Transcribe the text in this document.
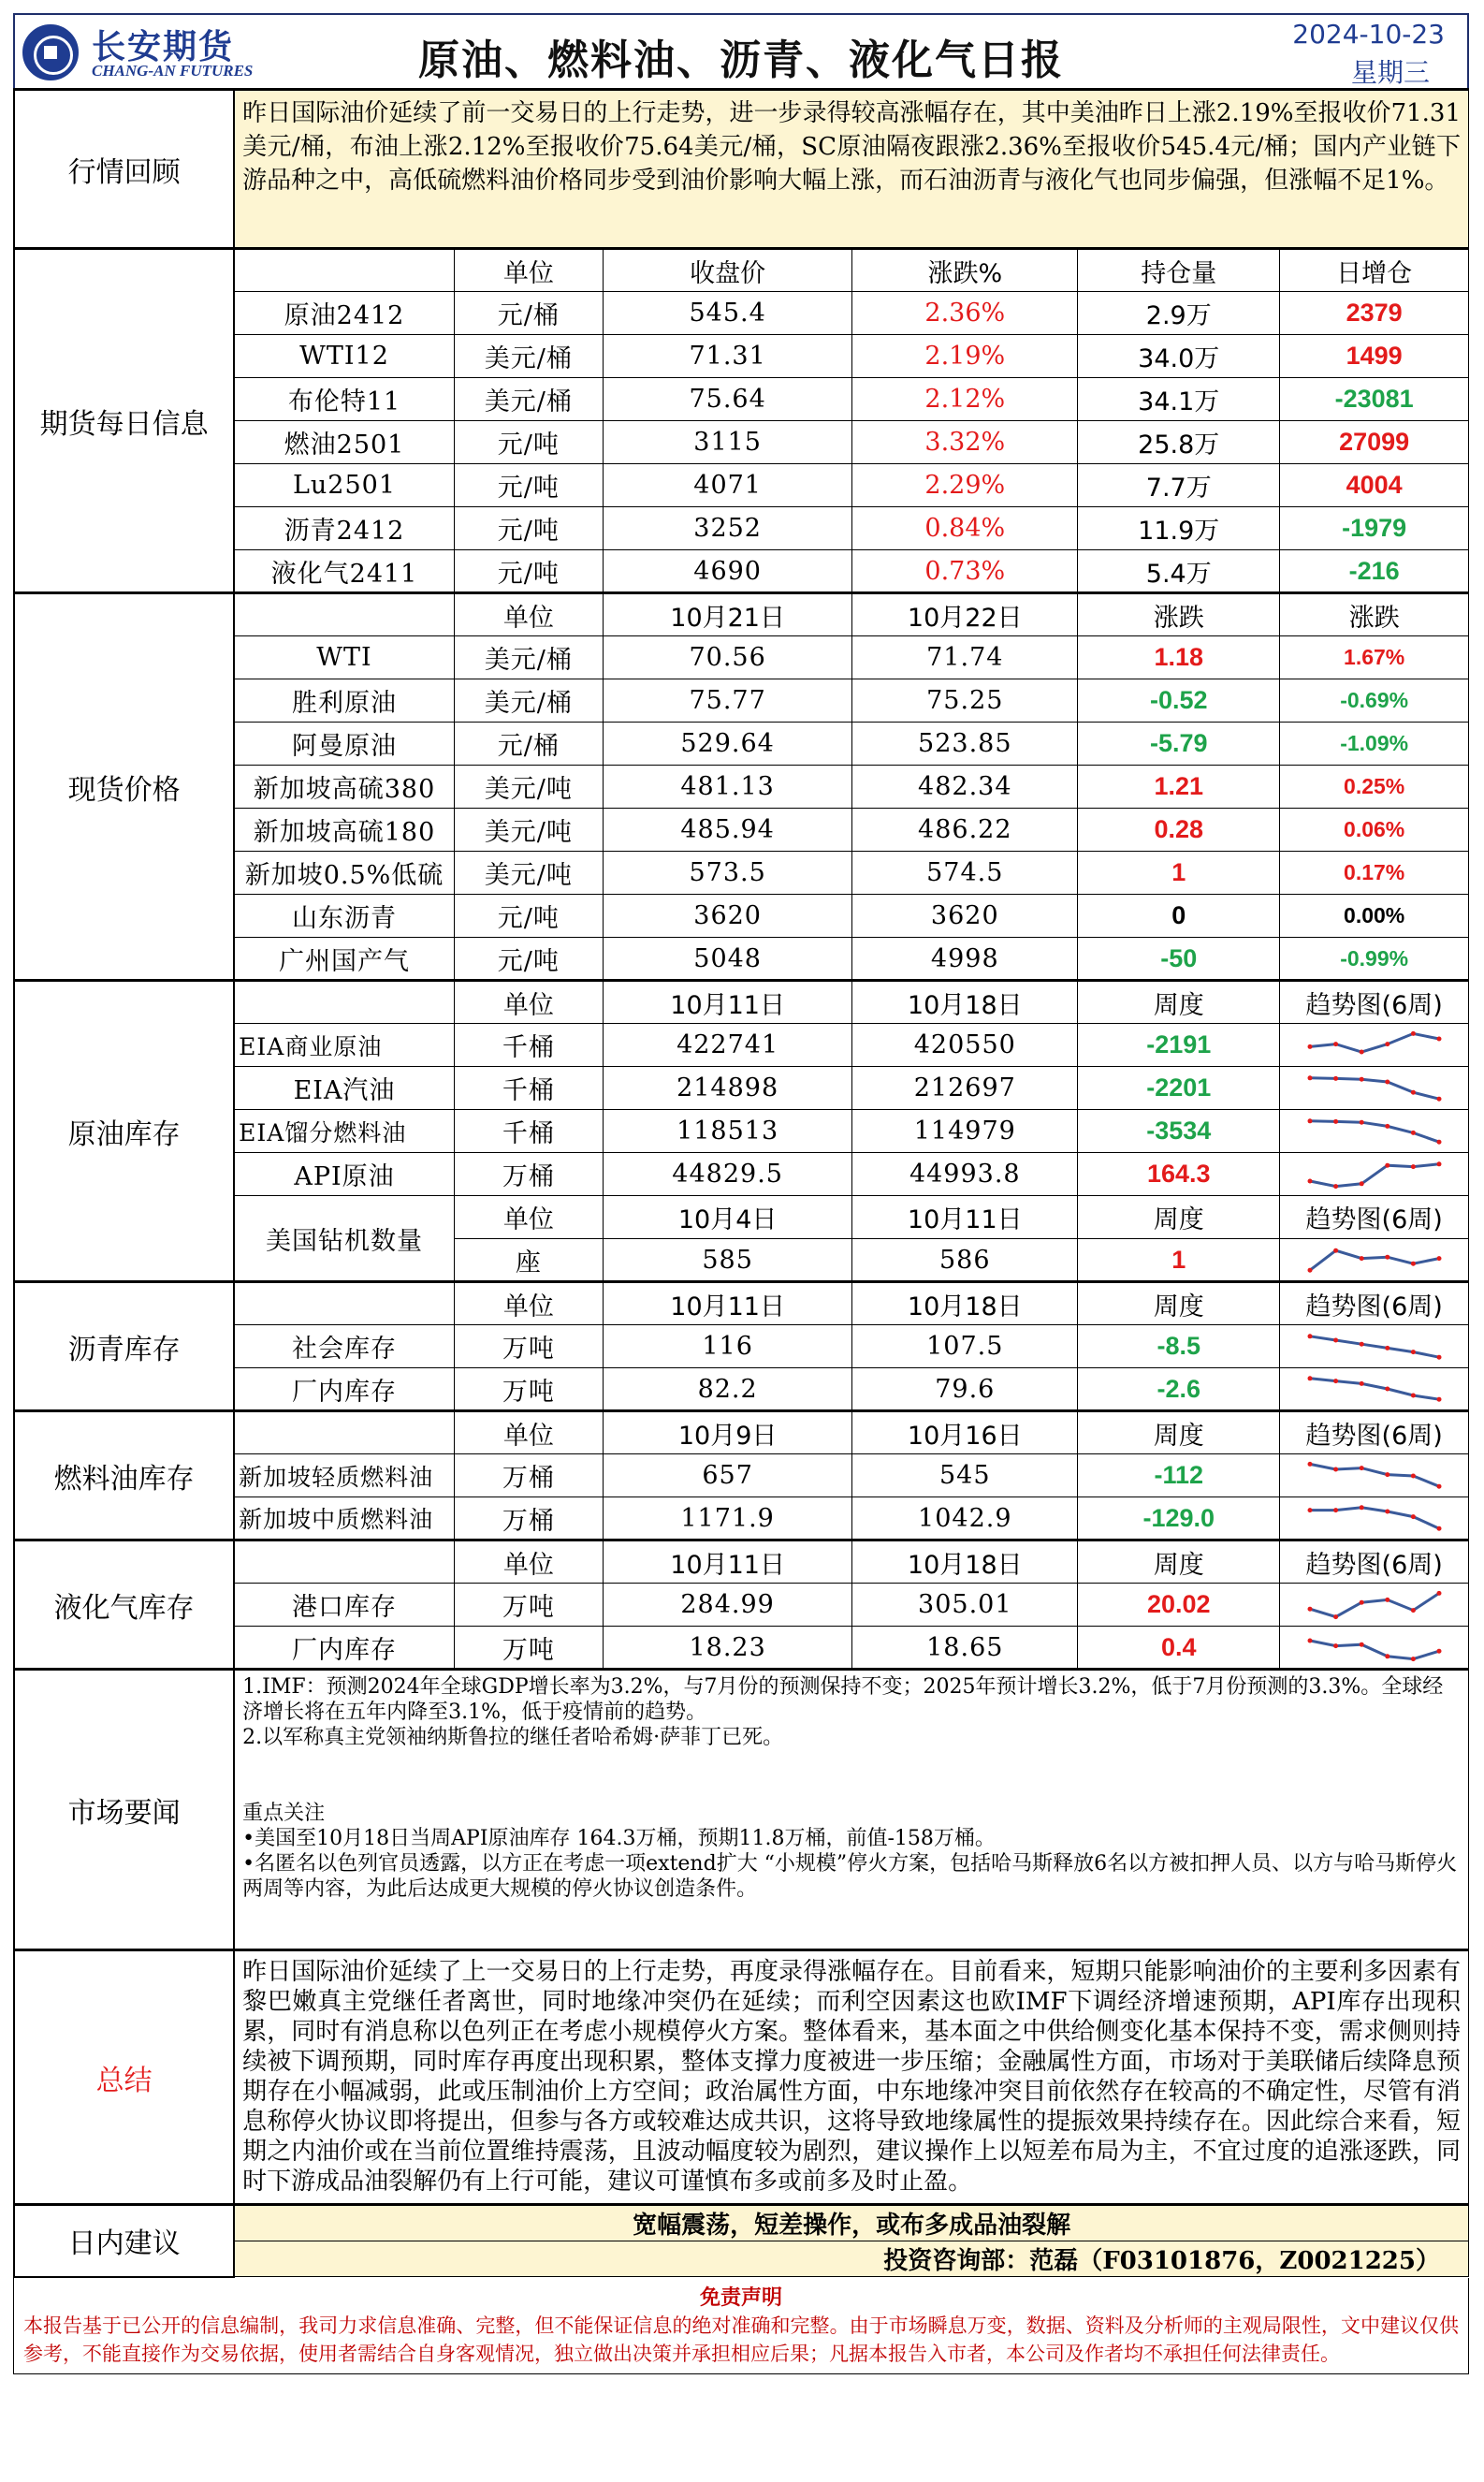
长安期货
CHANG-AN FUTURES	原油、燃料油、沥青、液化气日报
2024-10-23
星期三
行情回顾	昨日国际油价延续了前一交易日的上行走势，进一步录得较高涨幅存在，其中美油昨日上涨2.19%至报收价71.31美元/桶，布油上涨2.12%至报收价75.64美元/桶，SC原油隔夜跟涨2.36%至报收价545.4元/桶；国内产业链下游品种之中，高低硫燃料油价格同步受到油价影响大幅上涨，而石油沥青与液化气也同步偏强，但涨幅不足1%。					
期货每日信息		单位	收盘价	涨跌%	持仓量	日增仓
	原油2412	元/桶	545.4	2.36%	2.9万	2379
	WTI12	美元/桶	71.31	2.19%	34.0万	1499
	布伦特11	美元/桶	75.64	2.12%	34.1万	-23081
	燃油2501	元/吨	3115	3.32%	25.8万	27099
	Lu2501	元/吨	4071	2.29%	7.7万	4004
	沥青2412	元/吨	3252	0.84%	11.9万	-1979
	液化气2411	元/吨	4690	0.73%	5.4万	-216
现货价格		单位	10月21日	10月22日	涨跌	涨跌
	WTI	美元/桶	70.56	71.74	1.18	1.67%
	胜利原油	美元/桶	75.77	75.25	-0.52	-0.69%
	阿曼原油	元/桶	529.64	523.85	-5.79	-1.09%
	新加坡高硫380	美元/吨	481.13	482.34	1.21	0.25%
	新加坡高硫180	美元/吨	485.94	486.22	0.28	0.06%
	新加坡0.5%低硫	美元/吨	573.5	574.5	1	0.17%
	山东沥青	元/吨	3620	3620	0	0.00%
	广州国产气	元/吨	5048	4998	-50	-0.99%
原油库存		单位	10月11日	10月18日	周度	趋势图(6周)
	EIA商业原油	千桶	422741	420550	-2191	

	EIA汽油	千桶	214898	212697	-2201	

	EIA馏分燃料油	千桶	118513	114979	-3534	

	API原油	万桶	44829.5	44993.8	164.3	

	美国钻机数量	单位	10月4日	10月11日	周度	趋势图(6周)
		座	585	586	1	

沥青库存		单位	10月11日	10月18日	周度	趋势图(6周)
	社会库存	万吨	116	107.5	-8.5	

	厂内库存	万吨	82.2	79.6	-2.6	

燃料油库存		单位	10月9日	10月16日	周度	趋势图(6周)
	新加坡轻质燃料油	万桶	657	545	-112	

	新加坡中质燃料油	万桶	1171.9	1042.9	-129.0	

液化气库存		单位	10月11日	10月18日	周度	趋势图(6周)
	港口库存	万吨	284.99	305.01	20.02	

	厂内库存	万吨	18.23	18.65	0.4	

市场要闻	1.IMF：预测2024年全球GDP增长率为3.2%，与7月份的预测保持不变；2025年预计增长3.2%，低于7月份预测的3.3%。全球经济增长将在五年内降至3.1%，低于疫情前的趋势。

2.以军称真主党领袖纳斯鲁拉的继任者哈希姆·萨菲丁已死。

重点关注

•美国至10月18日当周API原油库存 164.3万桶，预期11.8万桶，前值-158万桶。

•名匿名以色列官员透露，以方正在考虑一项extend扩大 “小规模”停火方案，包括哈马斯释放6名以方被扣押人员、以方与哈马斯停火两周等内容，为此后达成更大规模的停火协议创造条件。					

总结	昨日国际油价延续了上一交易日的上行走势，再度录得涨幅存在。目前看来，短期只能影响油价的主要利多因素有黎巴嫩真主党继任者离世，同时地缘冲突仍在延续；而利空因素这也欧IMF下调经济增速预期，API库存出现积累，同时有消息称以色列正在考虑小规模停火方案。整体看来，基本面之中供给侧变化基本保持不变，需求侧则持续被下调预期，同时库存再度出现积累，整体支撑力度被进一步压缩；金融属性方面，市场对于美联储后续降息预期存在小幅减弱，此或压制油价上方空间；政治属性方面，中东地缘冲突目前依然存在较高的不确定性，尽管有消息称停火协议即将提出，但参与各方或较难达成共识，这将导致地缘属性的提振效果持续存在。因此综合来看，短期之内油价或在当前位置维持震荡，且波动幅度较为剧烈，建议操作上以短差布局为主，不宜过度的追涨逐跌，同时下游成品油裂解仍有上行可能，建议可谨慎布多或前多及时止盈。					
日内建议	宽幅震荡，短差操作，或布多成品油裂解					
	投资咨询部：范磊（F03101876，Z0021225）					
免责声明
本报告基于已公开的信息编制，我司力求信息准确、完整，但不能保证信息的绝对准确和完整。由于市场瞬息万变，数据、资料及分析师的主观局限性，文中建议仅供参考，不能直接作为交易依据，使用者需结合自身客观情况，独立做出决策并承担相应后果；凡据本报告入市者，本公司及作者均不承担任何法律责任。
